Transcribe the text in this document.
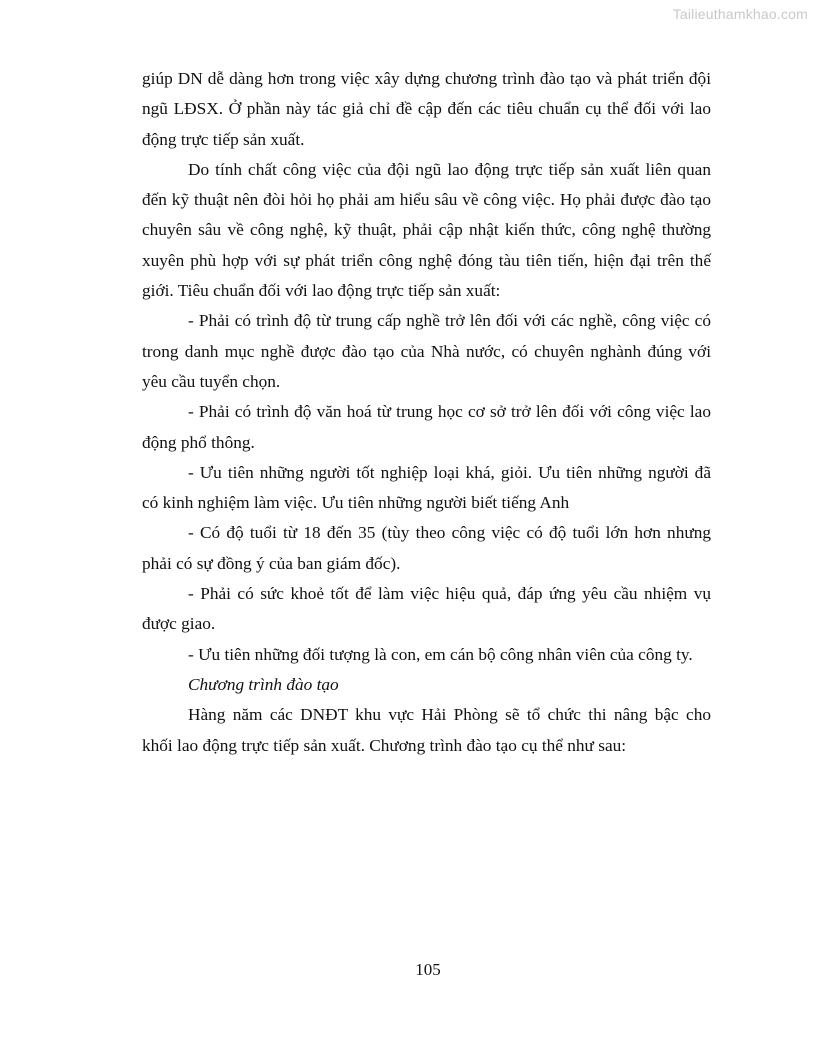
Tailieuthamkhao.com
giúp DN dễ dàng hơn trong việc xây dựng chương trình đào tạo và phát triển đội
ngũ LĐSX. Ở phần này tác giả chỉ đề cập đến các tiêu chuẩn cụ thể đối với lao
động trực tiếp sản xuất.
Do tính chất công việc của đội ngũ lao động trực tiếp sản xuất liên quan
đến kỹ thuật nên đòi hỏi họ phải am hiểu sâu về công việc. Họ phải được đào tạo
chuyên sâu về công nghệ, kỹ thuật, phải cập nhật kiến thức, công nghệ thường
xuyên phù hợp với sự phát triển công nghệ đóng tàu tiên tiến, hiện đại trên thế
giới. Tiêu chuẩn đối với lao động trực tiếp sản xuất:
- Phải có trình độ từ trung cấp nghề trở lên đối với các nghề, công việc có
trong danh mục nghề được đào tạo của Nhà nước, có chuyên nghành đúng với
yêu cầu tuyển chọn.
- Phải có trình độ văn hoá từ trung học cơ sở trở lên đối với công việc lao
động phổ thông.
- Ưu tiên những người tốt nghiệp loại khá, giỏi. Ưu tiên những người đã
có kinh nghiệm làm việc. Ưu tiên những người biết tiếng Anh
- Có độ tuổi từ 18 đến 35 (tùy theo công việc có độ tuổi lớn hơn nhưng
phải có sự đồng ý của ban giám đốc).
- Phải có sức khoẻ tốt để làm việc hiệu quả, đáp ứng yêu cầu nhiệm vụ
được giao.
- Ưu tiên những đối tượng là con, em cán bộ công nhân viên của công ty.
Chương trình đào tạo
Hàng năm các DNĐT khu vực Hải Phòng sẽ tổ chức thi nâng bậc cho
khối lao động trực tiếp sản xuất. Chương trình đào tạo cụ thể như sau:
105
